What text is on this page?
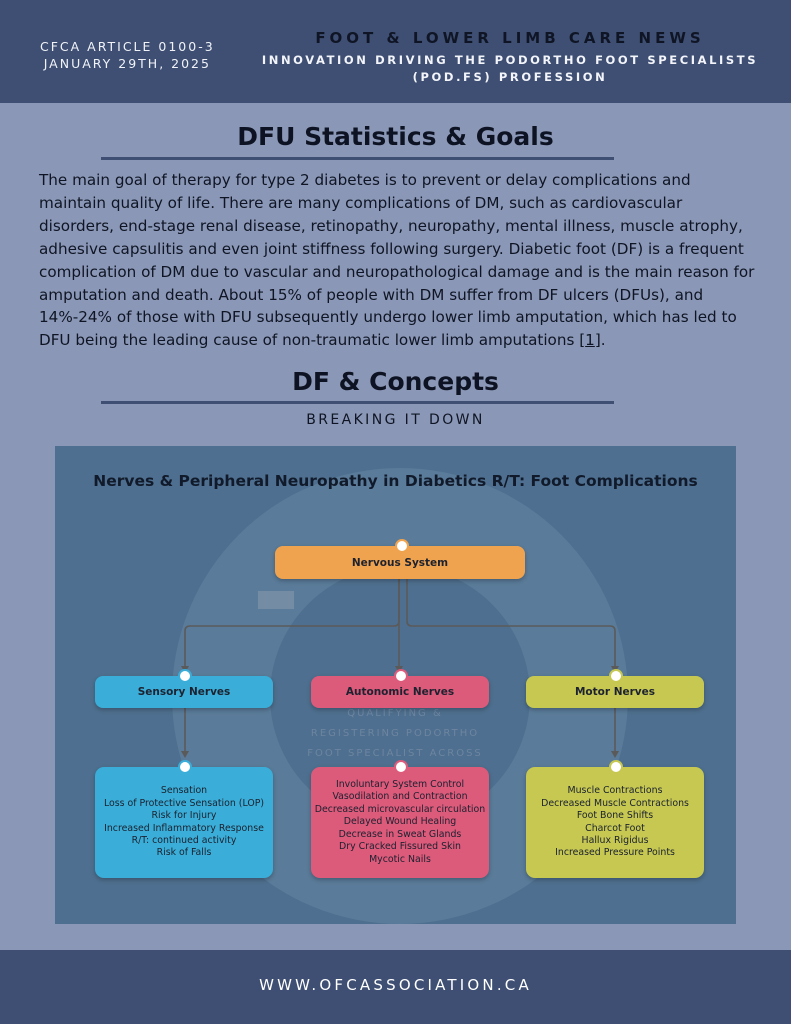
CFCA ARTICLE 0100-3
JANUARY 29TH, 2025
FOOT & LOWER LIMB CARE NEWS
INNOVATION DRIVING THE PODORTHO FOOT SPECIALISTS
(POD.FS) PROFESSION
DFU Statistics & Goals
The main goal of therapy for type 2 diabetes is to prevent or delay complications and maintain quality of life. There are many complications of DM, such as cardiovascular disorders, end-stage renal disease, retinopathy, neuropathy, mental illness, muscle atrophy, adhesive capsulitis and even joint stiffness following surgery. Diabetic foot (DF) is a frequent complication of DM due to vascular and neuropathological damage and is the main reason for amputation and death. About 15% of people with DM suffer from DF ulcers (DFUs), and 14%-24% of those with DFU subsequently undergo lower limb amputation, which has led to DFU being the leading cause of non-traumatic lower limb amputations [1].
DF & Concepts
BREAKING IT DOWN
Nerves & Peripheral Neuropathy in Diabetics R/T: Foot Complications
QUALIFYING &
REGISTERING PODORTHO
FOOT SPECIALIST ACROSS
Nervous System
Sensory Nerves	Autonomic Nerves	Motor Nerves
Sensation
Loss of Protective Sensation (LOP)
Risk for Injury
Increased Inflammatory Response
R/T: continued activity
Risk of Falls
Involuntary System Control
Vasodilation and Contraction
Decreased microvascular circulation
Delayed Wound Healing
Decrease in Sweat Glands
Dry Cracked Fissured Skin
Mycotic Nails
Muscle Contractions
Decreased Muscle Contractions
Foot Bone Shifts
Charcot Foot
Hallux Rigidus
Increased Pressure Points
WWW.OFCASSOCIATION.CA
